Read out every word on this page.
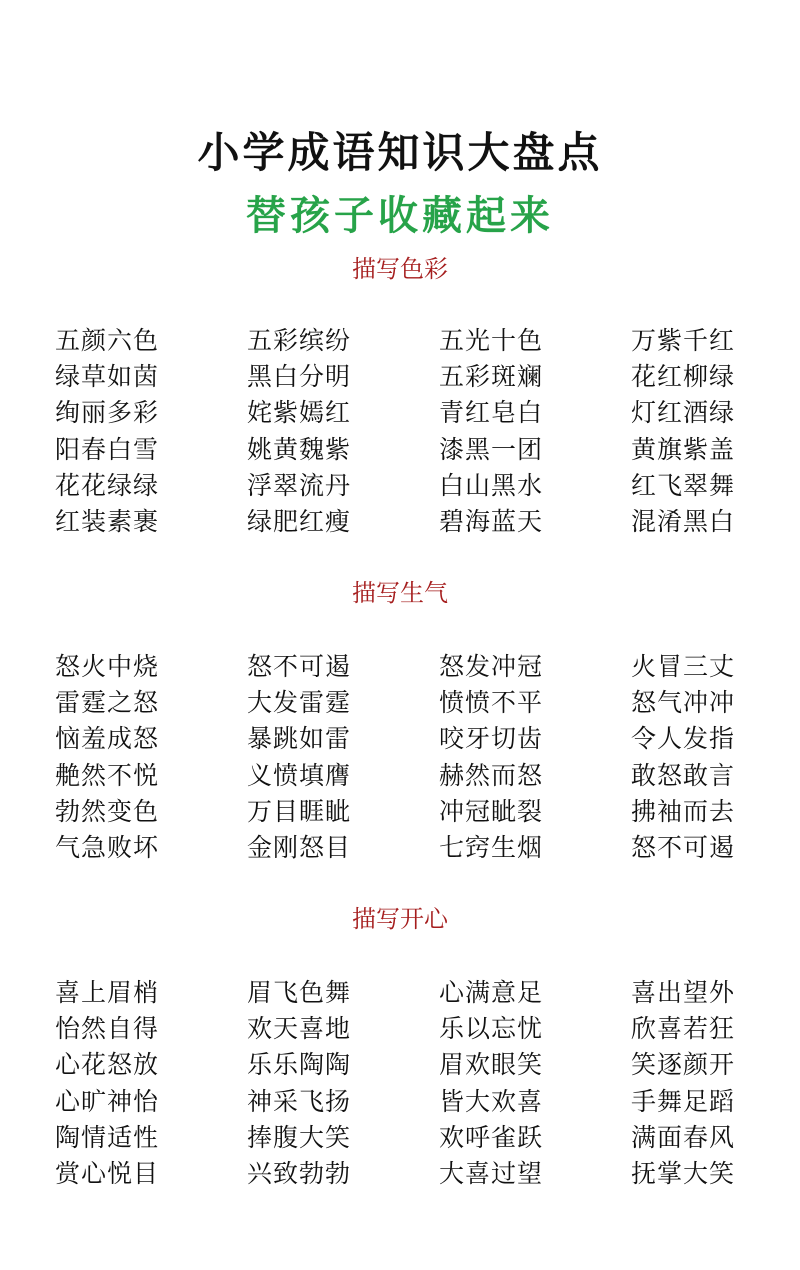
小学成语知识大盘点
替孩子收藏起来
描写色彩
五颜六色	五彩缤纷	五光十色	万紫千红
绿草如茵	黑白分明	五彩斑斓	花红柳绿
绚丽多彩	姹紫嫣红	青红皂白	灯红酒绿
阳春白雪	姚黄魏紫	漆黑一团	黄旗紫盖
花花绿绿	浮翠流丹	白山黑水	红飞翠舞
红装素裹	绿肥红瘦	碧海蓝天	混淆黑白
描写生气
怒火中烧	怒不可遏	怒发冲冠	火冒三丈
雷霆之怒	大发雷霆	愤愤不平	怒气冲冲
恼羞成怒	暴跳如雷	咬牙切齿	令人发指
艴然不悦	义愤填膺	赫然而怒	敢怒敢言
勃然变色	万目睚眦	冲冠眦裂	拂袖而去
气急败坏	金刚怒目	七窍生烟	怒不可遏
描写开心
喜上眉梢	眉飞色舞	心满意足	喜出望外
怡然自得	欢天喜地	乐以忘忧	欣喜若狂
心花怒放	乐乐陶陶	眉欢眼笑	笑逐颜开
心旷神怡	神采飞扬	皆大欢喜	手舞足蹈
陶情适性	捧腹大笑	欢呼雀跃	满面春风
赏心悦目	兴致勃勃	大喜过望	抚掌大笑
